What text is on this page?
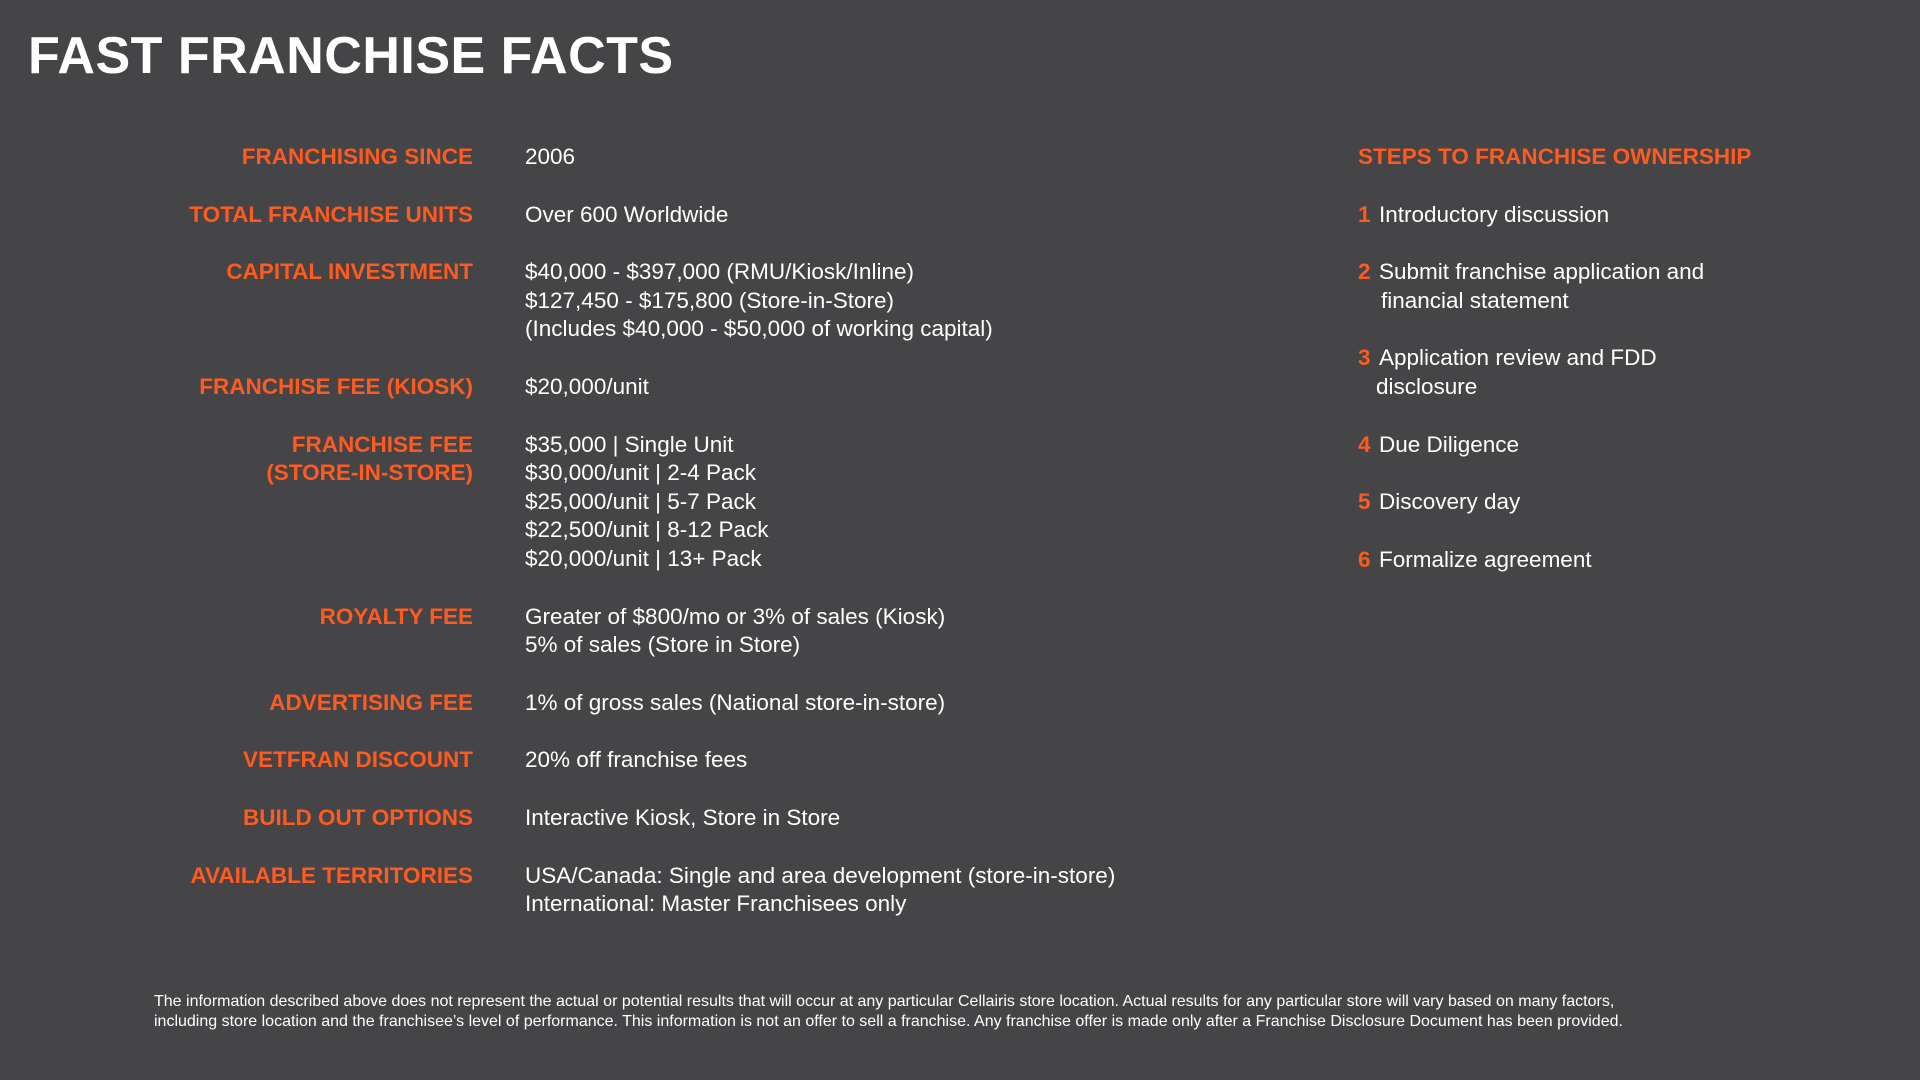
FAST FRANCHISE FACTS
FRANCHISING SINCE 2006
TOTAL FRANCHISE UNITS Over 600 Worldwide
CAPITAL INVESTMENT $40,000 - $397,000 (RMU/Kiosk/Inline)
$127,450 - $175,800 (Store-in-Store)
(Includes $40,000 - $50,000 of working capital)
FRANCHISE FEE (KIOSK) $20,000/unit
FRANCHISE FEE
(STORE-IN-STORE)
$35,000 | Single Unit
$30,000/unit | 2-4 Pack
$25,000/unit | 5-7 Pack
$22,500/unit | 8-12 Pack
$20,000/unit | 13+ Pack
ROYALTY FEE Greater of $800/mo or 3% of sales (Kiosk)
5% of sales (Store in Store)
ADVERTISING FEE 1% of gross sales (National store-in-store)
VETFRAN DISCOUNT 20% off franchise fees
BUILD OUT OPTIONS Interactive Kiosk, Store in Store
AVAILABLE TERRITORIES USA/Canada: Single and area development (store-in-store)
International: Master Franchisees only
STEPS TO FRANCHISE OWNERSHIP
1 Introductory discussion
2 Submit franchise application and
financial statement
3 Application review and FDD
disclosure
4 Due Diligence
5 Discovery day
6 Formalize agreement
The information described above does not represent the actual or potential results that will occur at any particular Cellairis store location. Actual results for any particular store will vary based on many factors,
including store location and the franchisee’s level of performance. This information is not an offer to sell a franchise. Any franchise offer is made only after a Franchise Disclosure Document has been provided.
